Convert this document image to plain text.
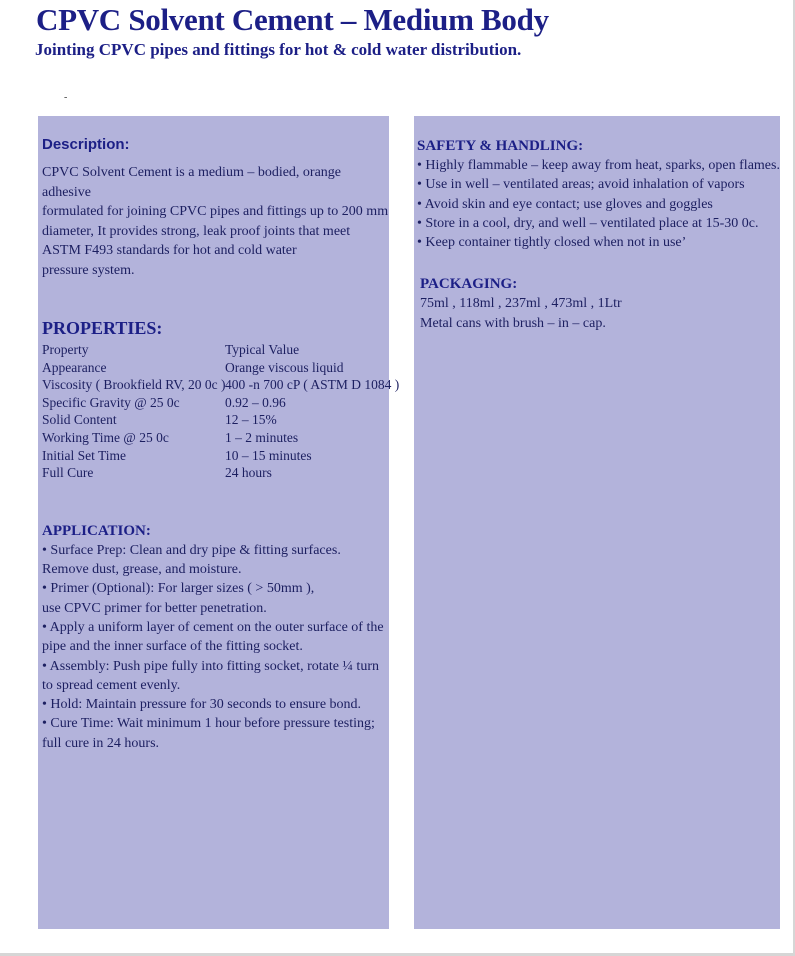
CPVC Solvent Cement – Medium Body
Jointing CPVC pipes and fittings for hot & cold water distribution.
-
Description:

CPVC Solvent Cement is a medium – bodied, orange adhesive
formulated for joining CPVC pipes and fittings up to 200 mm
diameter, It provides strong, leak proof joints that meet
ASTM F493 standards for hot and cold water
pressure system.

PROPERTIES:
Property	Typical Value
Appearance	Orange viscous liquid
Viscosity ( Brookfield RV, 20 0c ) 400 -n 700 cP ( ASTM D 1084 )
Specific Gravity @ 25 0c	0.92 – 0.96
Solid Content	12 – 15%
Working Time @ 25 0c	1 – 2 minutes
Initial Set Time	10 – 15 minutes
Full Cure	24 hours
APPLICATION:

• Surface Prep: Clean and dry pipe & fitting surfaces.
Remove dust, grease, and moisture.
• Primer (Optional): For larger sizes ( > 50mm ),
use CPVC primer for better penetration.
• Apply a uniform layer of cement on the outer surface of the
pipe and the inner surface of the fitting socket.
• Assembly: Push pipe fully into fitting socket, rotate ¼ turn
to spread cement evenly.
• Hold: Maintain pressure for 30 seconds to ensure bond.
• Cure Time: Wait minimum 1 hour before pressure testing;
full cure in 24 hours.

SAFETY & HANDLING:

• Highly flammable – keep away from heat, sparks, open flames.
• Use in well – ventilated areas; avoid inhalation of vapors
• Avoid skin and eye contact; use gloves and goggles
• Store in a cool, dry, and well – ventilated place at 15-30 0c.
• Keep container tightly closed when not in use’

PACKAGING:

75ml , 118ml , 237ml , 473ml , 1Ltr
Metal cans with brush – in – cap.
